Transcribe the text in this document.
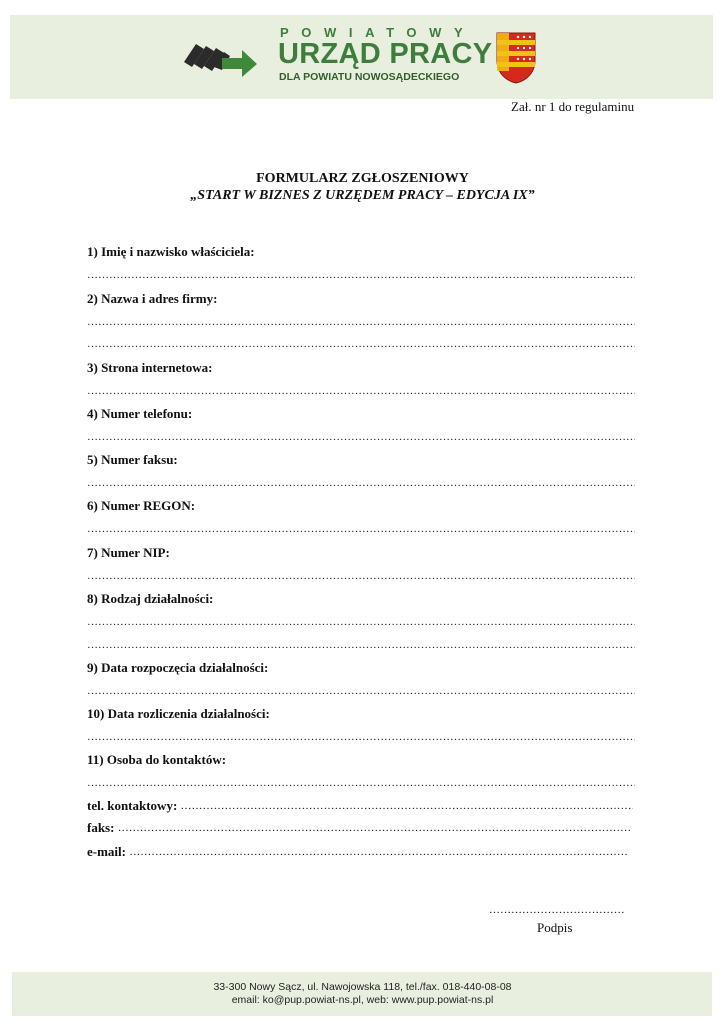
POWIATOWY
URZĄD PRACY
DLA POWIATU NOWOSĄDECKIEGO
Zał. nr 1 do regulaminu
FORMULARZ ZGŁOSZENIOWY
„START W BIZNES Z URZĘDEM PRACY – EDYCJA IX”
1) Imię i nazwisko właściciela:
……………………………………………………………………………………………………………………………………………………………
2) Nazwa i adres firmy:
……………………………………………………………………………………………………………………………………………………………
……………………………………………………………………………………………………………………………………………………………
3) Strona internetowa:
……………………………………………………………………………………………………………………………………………………………
4) Numer telefonu:
……………………………………………………………………………………………………………………………………………………………
5) Numer faksu:
……………………………………………………………………………………………………………………………………………………………
6) Numer REGON:
……………………………………………………………………………………………………………………………………………………………
7) Numer NIP:
……………………………………………………………………………………………………………………………………………………………
8) Rodzaj działalności:
……………………………………………………………………………………………………………………………………………………………
……………………………………………………………………………………………………………………………………………………………
9) Data rozpoczęcia działalności:
……………………………………………………………………………………………………………………………………………………………
10) Data rozliczenia działalności:
……………………………………………………………………………………………………………………………………………………………
11) Osoba do kontaktów:
……………………………………………………………………………………………………………………………………………………………
tel. kontaktowy: ……………………………………………………………………………………………………………………………………
faks: ……………………………………………………………………………………………………………………………………
e-mail: ……………………………………………………………………………………………………………………………………
………………………………………………
Podpis
33-300 Nowy Sącz, ul. Nawojowska 118, tel./fax. 018-440-08-08
email: ko@pup.powiat-ns.pl, web: www.pup.powiat-ns.pl
